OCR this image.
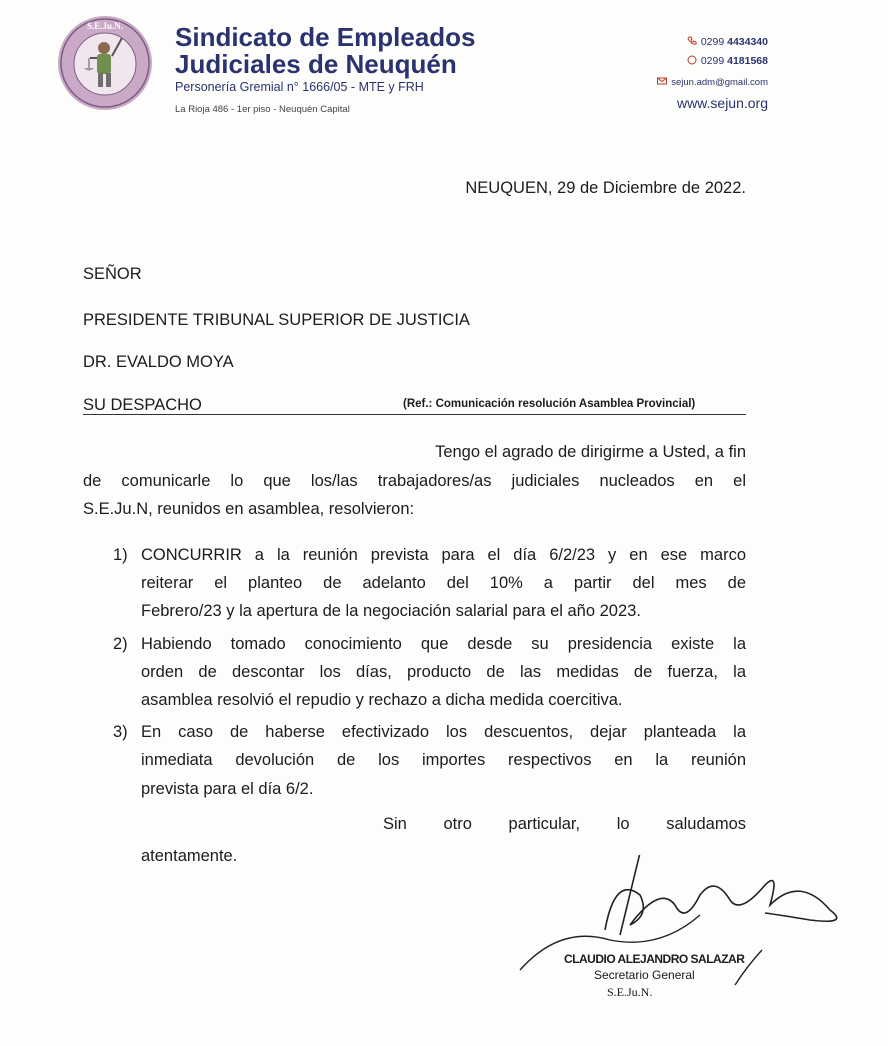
S.E.Ju.N.	Sindicato de Empleados
Judiciales de Neuquén
Personería Gremial n° 1666/05 - MTE y FRH
La Rioja 486 - 1er piso - Neuquén Capital
0299 4434340
0299 4181568
sejun.adm@gmail.com
www.sejun.org
NEUQUEN, 29 de Diciembre de 2022.
SEÑOR
PRESIDENTE TRIBUNAL SUPERIOR DE JUSTICIA
DR. EVALDO MOYA
SU DESPACHO	(Ref.: Comunicación resolución Asamblea Provincial)
Tengo el agrado de dirigirme a Usted, a fin
de comunicarle lo que los/las trabajadores/as judiciales nucleados en el
S.E.Ju.N, reunidos en asamblea, resolvieron:
1) CONCURRIR a la reunión prevista para el día 6/2/23 y en ese marco
reiterar el planteo de adelanto del 10% a partir del mes de
Febrero/23 y la apertura de la negociación salarial para el año 2023.
2) Habiendo tomado conocimiento que desde su presidencia existe la
orden de descontar los días, producto de las medidas de fuerza, la
asamblea resolvió el repudio y rechazo a dicha medida coercitiva.
3) En caso de haberse efectivizado los descuentos, dejar planteada la
inmediata devolución de los importes respectivos en la reunión
prevista para el día 6/2.
Sin otro particular, lo saludamos
atentamente.
CLAUDIO ALEJANDRO SALAZAR
Secretario General
S.E.Ju.N.
